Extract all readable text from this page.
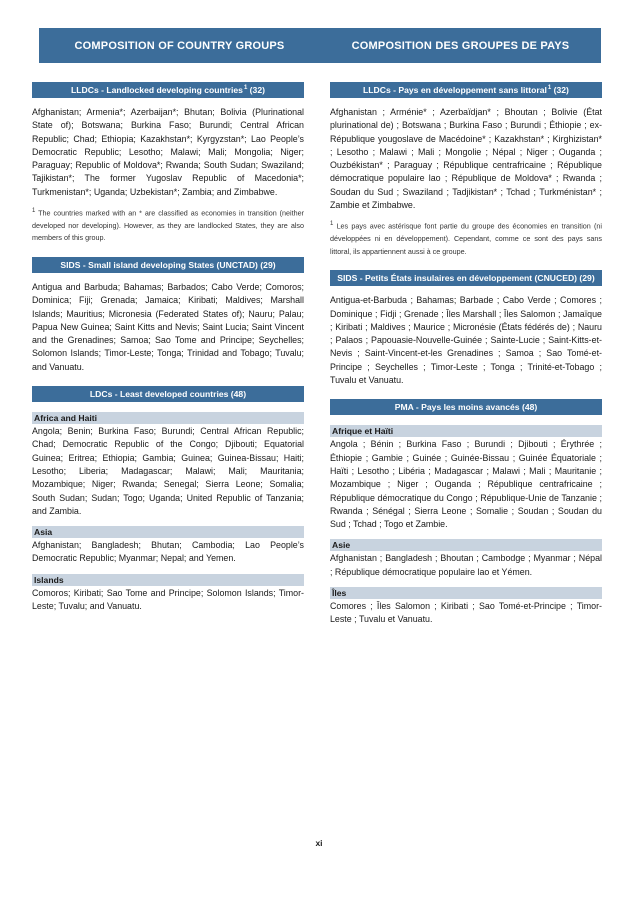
COMPOSITION OF COUNTRY GROUPS	COMPOSITION DES GROUPES DE PAYS
LLDCs - Landlocked developing countries$^1$
(32)

Afghanistan; Armenia*; Azerbaijan*; Bhutan; Bolivia (Plurinational State of); Botswana; Burkina Faso; Burundi; Central African Republic; Chad; Ethiopia; Kazakhstan*; Kyrgyzstan*; Lao People’s Democratic Republic; Lesotho; Malawi; Mali; Mongolia; Niger; Paraguay; Republic of Moldova*; Rwanda; South Sudan; Swaziland; Tajikistan*; The former Yugoslav Republic of Macedonia*; Turkmenistan*; Uganda; Uzbekistan*; Zambia; and Zimbabwe.

$^1$ The countries marked with an * are classified as economies in transition (neither developed nor developing). However, as they are landlocked States, they are also members of this group.

SIDS - Small island developing States (UNCTAD) (29)

Antigua and Barbuda; Bahamas; Barbados; Cabo Verde; Comoros; Dominica; Fiji; Grenada; Jamaica; Kiribati; Maldives; Marshall Islands; Mauritius; Micronesia (Federated States of); Nauru; Palau; Papua New Guinea; Saint Kitts and Nevis; Saint Lucia; Saint Vincent and the Grenadines; Samoa; Sao Tome and Principe; Seychelles; Solomon Islands; Timor-Leste; Tonga; Trinidad and Tobago; Tuvalu; and Vanuatu.

LDCs - Least developed countries (48)
Africa and Haiti

Angola; Benin; Burkina Faso; Burundi; Central African Republic; Chad; Democratic Republic of the Congo; Djibouti; Equatorial Guinea; Eritrea; Ethiopia; Gambia; Guinea; Guinea-Bissau; Haiti; Lesotho; Liberia; Madagascar; Malawi; Mali; Mauritania; Mozambique; Niger; Rwanda; Senegal; Sierra Leone; Somalia; South Sudan; Sudan; Togo; Uganda; United Republic of Tanzania; and Zambia.

Asia

Afghanistan; Bangladesh; Bhutan; Cambodia; Lao People’s Democratic Republic; Myanmar; Nepal; and Yemen.

Islands

Comoros; Kiribati; Sao Tome and Principe; Solomon Islands; Timor-Leste; Tuvalu; and Vanuatu.

LLDCs - Pays en développement sans littoral$^1$
(32)

Afghanistan ; Arménie* ; Azerbaïdjan* ; Bhoutan ; Bolivie (État plurinational de) ; Botswana ; Burkina Faso ; Burundi ; Éthiopie ; ex-République yougoslave de Macédoine* ; Kazakhstan* ; Kirghizistan* ; Lesotho ; Malawi ; Mali ; Mongolie ; Népal ; Niger ; Ouganda ; Ouzbékistan* ; Paraguay ; République centrafricaine ; République démocratique populaire lao ; République de Moldova* ; Rwanda ; Soudan du Sud ; Swaziland ; Tadjikistan* ; Tchad ; Turkménistan* ; Zambie et Zimbabwe.

$^1$ Les pays avec astérisque font partie du groupe des économies en transition (ni développées ni en développement). Cependant, comme ce sont des pays sans littoral, ils appartiennent aussi à ce groupe.

SIDS - Petits États insulaires en développement (CNUCED) (29)

Antigua-et-Barbuda ; Bahamas; Barbade ; Cabo Verde ; Comores ; Dominique ; Fidji ; Grenade ; Îles Marshall ; Îles Salomon ; Jamaïque ; Kiribati ; Maldives ; Maurice ; Micronésie (États fédérés de) ; Nauru ; Palaos ; Papouasie-Nouvelle-Guinée ; Sainte-Lucie ; Saint-Kitts-et-Nevis ; Saint-Vincent-et-les Grenadines ; Samoa ; Sao Tomé-et-Principe ; Seychelles ; Timor-Leste ; Tonga ; Trinité-et-Tobago ; Tuvalu et Vanuatu.

PMA - Pays les moins avancés (48)
Afrique et Haïti

Angola ; Bénin ; Burkina Faso ; Burundi ; Djibouti ; Érythrée ; Éthiopie ; Gambie ; Guinée ; Guinée-Bissau ; Guinée Équatoriale ; Haïti ; Lesotho ; Libéria ; Madagascar ; Malawi ; Mali ; Mauritanie ; Mozambique ; Niger ; Ouganda ; République centrafricaine ; République démocratique du Congo ; République-Unie de Tanzanie ; Rwanda ; Sénégal ; Sierra Leone ; Somalie ; Soudan ; Soudan du Sud ; Tchad ; Togo et Zambie.

Asie

Afghanistan ; Bangladesh ; Bhoutan ; Cambodge ; Myanmar ; Népal ; République démocratique populaire lao et Yémen.

Îles

Comores ; Îles Salomon ; Kiribati ; Sao Tomé-et-Principe ; Timor-Leste ; Tuvalu et Vanuatu.

xi
